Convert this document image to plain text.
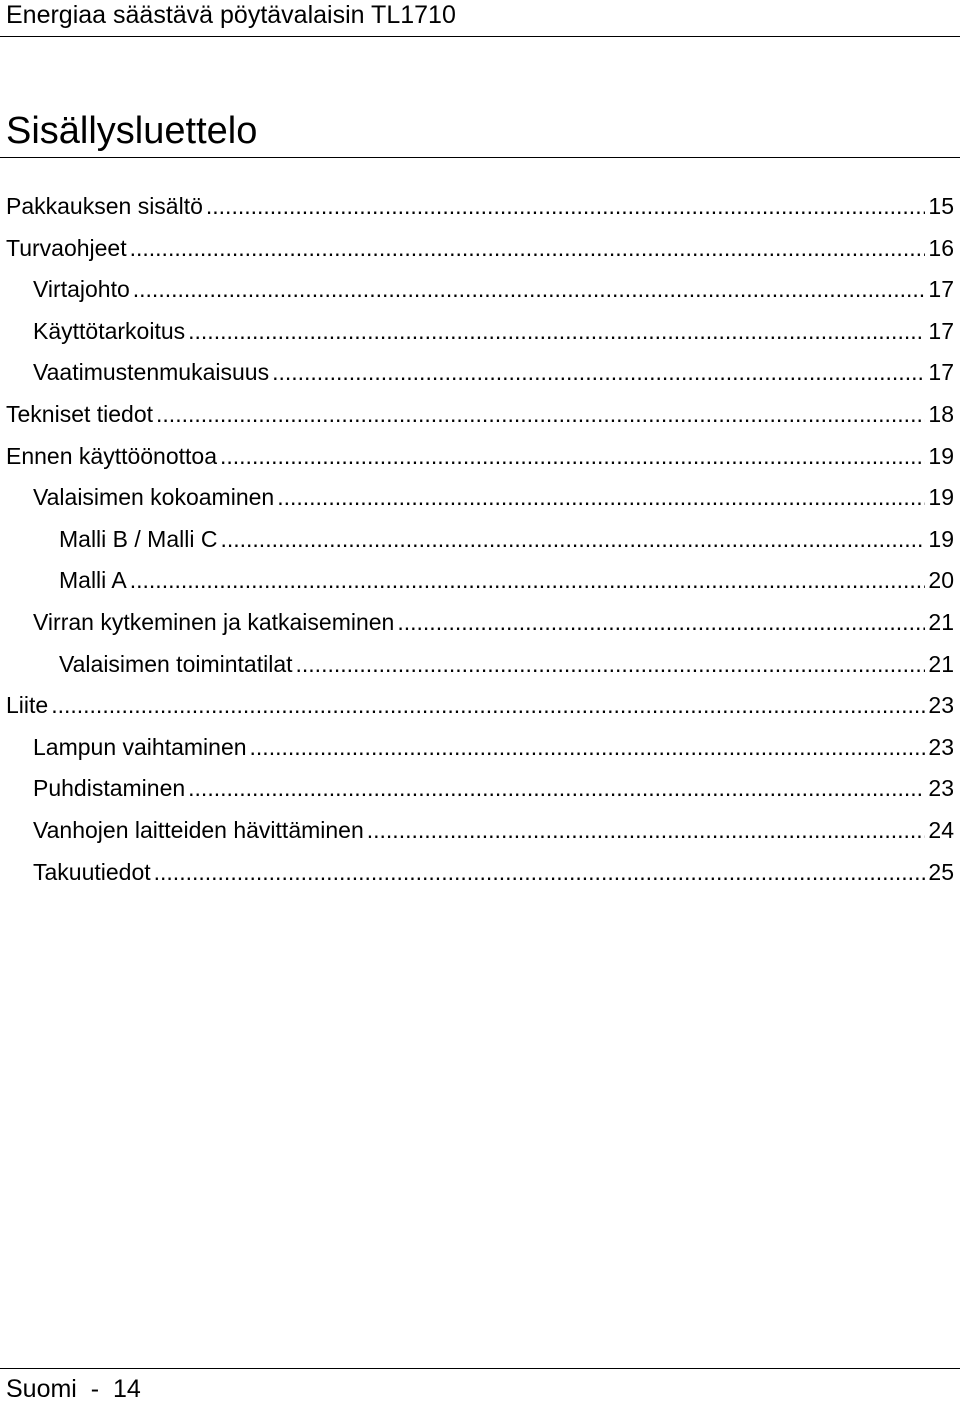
Energiaa säästävä pöytävalaisin TL1710
Sisällysluettelo
Pakkauksen sisältö .....	15
Turvaohjeet .....	16
Virtajohto .....	17
Käyttötarkoitus .....	17
Vaatimustenmukaisuus .....	17
Tekniset tiedot .....	18
Ennen käyttöönottoa .....	19
Valaisimen kokoaminen .....	19
Malli B / Malli C .....	19
Malli A .....	20
Virran kytkeminen ja katkaiseminen .....	21
Valaisimen toimintatilat .....	21
Liite .....	23
Lampun vaihtaminen .....	23
Puhdistaminen .....	23
Vanhojen laitteiden hävittäminen .....	24
Takuutiedot .....	25
Suomi  -  14
